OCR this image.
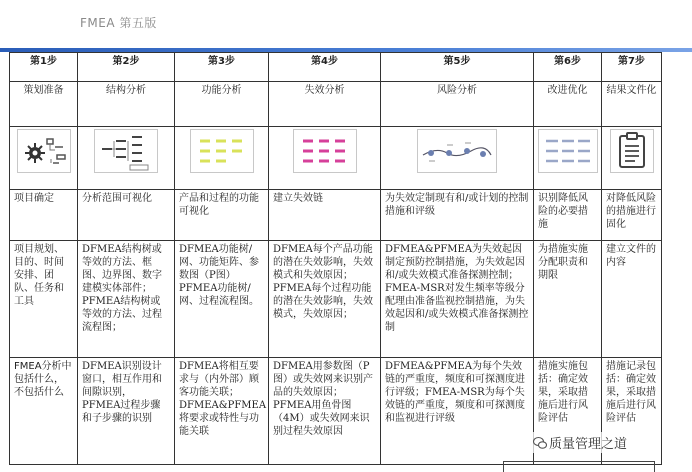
FMEA 第五版
第1步	第2步	第3步	第4步	第5步	第6步	第7步
策划准备	结构分析	功能分析	失效分析	风险分析	改进优化	结果文件化

项目确定	分析范围可视化	产品和过程的功能可视化	建立失效链	为失效定制现有和/或计划的控制措施和评级	识别降低风险的必要措施	对降低风险的措施进行固化
项目规划、目的、时间安排、团队、任务和工具	DFMEA结构树或等效的方法、框图、边界图、数字建模实体部件；PFMEA结构树或等效的方法、过程流程图；	DFMEA功能树/网、功能矩阵、参数图（P图）PFMEA功能树/网、过程流程图。	DFMEA每个产品功能的潜在失效影响，失效模式和失效原因；PFMEA每个过程功能的潜在失效影响，失效模式，失效原因；	DFMEA&PFMEA为失效起因制定预防控制措施，为失效起因和/或失效模式准备探测控制；FMEA-MSR对发生频率等级分配理由准备监视控制措施，为失效起因和/或失效模式准备探测控制	为措施实施分配职责和期限	建立文件的内容
FMEA分析中包括什么，不包括什么	DFMEA识别设计窗口，相互作用和间隙识别，PFMEA过程步骤和子步骤的识别	DFMEA将相互要求与（内外部）顾客功能关联；DFMEA&PFMEA将要求或特性与功能关联	DFMEA用参数图（P图）或失效网来识别产品的失效原因；PFMEA用鱼骨图（4M）或失效网来识别过程失效原因	DFMEA&PFMEA为每个失效链的严重度，频度和可探测度进行评级；FMEA-MSR为每个失效链的严重度，频度和可探测度和监视进行评级	措施实施包括：确定效果，采取措施后进行风险评估	措施记录包括：确定效果，采取措施后进行风险评估
质量管理之道
